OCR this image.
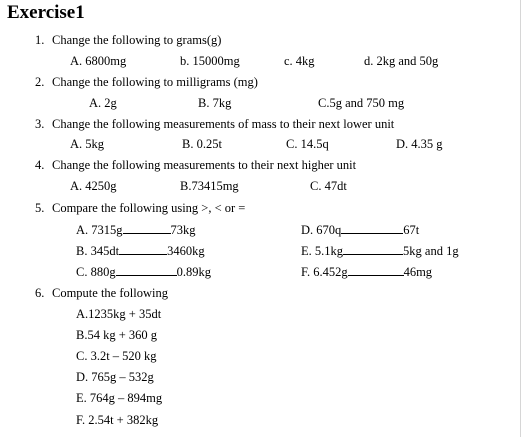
Exercise1
1. Change the following to grams(g)
A. 6800mg	b. 15000mg	c. 4kg	d. 2kg and 50g
2. Change the following to milligrams (mg)
A. 2g	B. 7kg	C.5g and 750 mg
3. Change the following measurements of mass to their next lower unit
A. 5kg	B. 0.25t	C. 14.5q	D. 4.35 g
4. Change the following measurements to their next higher unit
A. 4250g	B.73415mg	C. 47dt
5. Compare the following using >, < or =
A. 7315g	73kg
B. 345dt	3460kg
C. 880g	0.89kg
D. 670q	67t
E. 5.1kg	5kg and 1g
F. 6.452g	46mg
6. Compute the following
A.1235kg + 35dt
B.54 kg + 360 g
C. 3.2t – 520 kg
D. 765g – 532g
E. 764g – 894mg
F. 2.54t + 382kg
